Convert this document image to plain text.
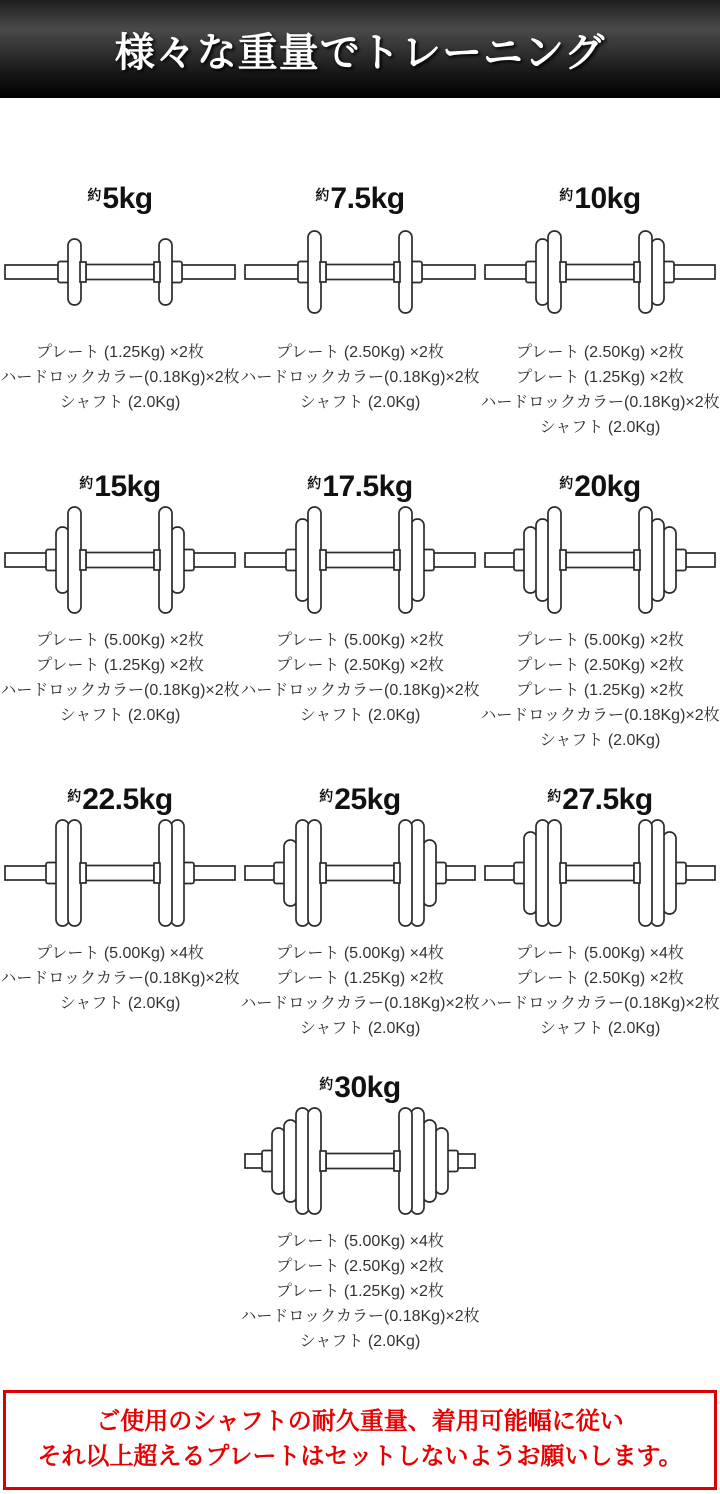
様々な重量でトレーニング
約5kg
プレート (1.25Kg) ×2枚
ハードロックカラー(0.18Kg)×2枚
シャフト (2.0Kg)
約7.5kg
プレート (2.50Kg) ×2枚
ハードロックカラー(0.18Kg)×2枚
シャフト (2.0Kg)
約10kg
プレート (2.50Kg) ×2枚
プレート (1.25Kg) ×2枚
ハードロックカラー(0.18Kg)×2枚
シャフト (2.0Kg)
約15kg
プレート (5.00Kg) ×2枚
プレート (1.25Kg) ×2枚
ハードロックカラー(0.18Kg)×2枚
シャフト (2.0Kg)
約17.5kg
プレート (5.00Kg) ×2枚
プレート (2.50Kg) ×2枚
ハードロックカラー(0.18Kg)×2枚
シャフト (2.0Kg)
約20kg
プレート (5.00Kg) ×2枚
プレート (2.50Kg) ×2枚
プレート (1.25Kg) ×2枚
ハードロックカラー(0.18Kg)×2枚
シャフト (2.0Kg)
約22.5kg
プレート (5.00Kg) ×4枚
ハードロックカラー(0.18Kg)×2枚
シャフト (2.0Kg)
約25kg
プレート (5.00Kg) ×4枚
プレート (1.25Kg) ×2枚
ハードロックカラー(0.18Kg)×2枚
シャフト (2.0Kg)
約27.5kg
プレート (5.00Kg) ×4枚
プレート (2.50Kg) ×2枚
ハードロックカラー(0.18Kg)×2枚
シャフト (2.0Kg)
約30kg
プレート (5.00Kg) ×4枚
プレート (2.50Kg) ×2枚
プレート (1.25Kg) ×2枚
ハードロックカラー(0.18Kg)×2枚
シャフト (2.0Kg)

ご使用のシャフトの耐久重量、着用可能幅に従い

それ以上超えるプレートはセットしないようお願いします。
